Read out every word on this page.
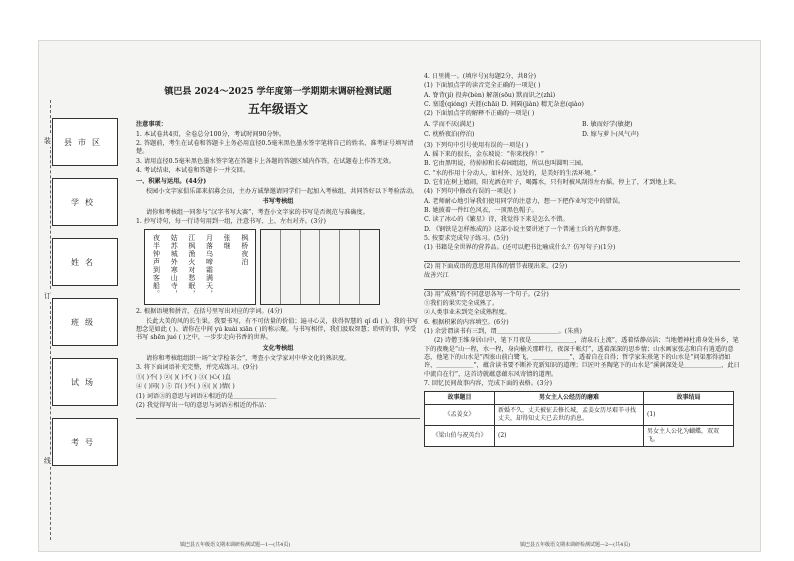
装
订
线
县市区
学校
姓名
班级
试场
考号
镇巴县 2024～2025 学年度第一学期期末调研检测试题
五年级语文
注意事项：
1. 本试卷共4页，全卷总分100分，考试时间90分钟。
2. 答题前，考生在试卷和答题卡上务必用直径0.5毫米黑色墨水签字笔将自己的姓名、准考证号填写清楚。
3. 请用直径0.5毫米黑色墨水签字笔在答题卡上各题的答题区域内作答，在试题卷上作答无效。
4. 考试结束，本试卷和答题卡一并交回。
一、积累与运用。(44分)
校园小文字家俱乐部来招募会员，主办方诚挚邀请同学们一起加入考核组，共同答好以下考验活动。
书写考核组
请你和考核组一同参与“汉字书写大赛”，考查小文字家的书写是否规范与准确度。
1. 抄写诗句，每一行诗句用到一组，注意书写、上、左右对齐。(3分)
枫桥夜泊
张继
月落乌啼霜满天，
江枫渔火对愁眠，
姑苏城外寒山寺，
夜半钟声到客船。
2. 根据语境和拼音，在括号里写出对应的字词。(4分)
长此大美的风的长生果。我要书写，有不可估量的价值；遍寻心灵，获得智慧的 qí dì ( )。我的书写想念是如此 ( )。请你在中间 yú kuài xiān ( )的称示聚。与书写相伴，我们汲取智慧；聆听的事，享受书写 shēn jué ( )之中，一步步走向书香的世界。
文化考核组
请你和考核组组织一场“文学检茶会”，考查小文学家对中华文化的熟识度。
3. 将下面词语补充完整，并完成练习。(9分)
①( )不( ) ②( )( )不( ) ③( )心( )直
④ ( )同( ) ⑤ 百( )不( ) ⑥( )( )情( )
(1) 词语③的意思与词语④相近的是＿＿＿＿＿＿＿
(2) 我觉得写出一句的意思与词语⑥相近的作品：
4. 日里挑一。(填序号)(每题2分，共8分)
(1) 下面加点字的读音完全正确的一项是( )
A. 脊背(jí) 投奔(bèn) 解剖(sōu) 默而识之(zhì)
C. 塞遥(qióng) 天涯(chāi) D. 间隔(jiàn) 精无杂息(qiào)
(2) 下面加点字的解释不正确的一项是( )
A. 学而不厌(满足)	B. 敏而好学(敏捷)
C. 枕桥夜泊(停泊)	D. 嫁与萝卜(风气声)
(3) 下列句中引号使用有误的一项是( )
A. 摇下来的很长，金东坡说：“你来找你！”
B. 它由黑明说，待掉掉和长春园组组，所以也叫圆明三园。
C. “水的作用十分动人，如村外、远处的，是美好的生活环境。”
D. 它们在树上嬉闹，阳光洒在叶子，喝露水，只有时被风刮得左右摇，停上了，才到地上来。
(4) 下列句中修改有误的一项是( )
A. 老师耐心地引导我们使用同学的注意力，想一下把作业写完中的错误。
B. 她披着一件红色风衣，一顶黑色帽子。
C. 读了冰心的《繁星》诗，我觉得下来是怎么不错。
D. 《钢铁是怎样炼成的》这部小说主要讲述了一个普通士兵的光辉事迹。
5. 按要求完成句子练习。(5分)
(1) 书籍是全世界的营养品。(还可以把书比喻成什么？仿写句子)(1分)
(2) 用下面成语的意思用具体的情节表现出来。(2分)
故善兴江
(3) 用“成熟”的不同意思各写一个句子。(2分)
①我们的果实完全成熟了。
②人类事业未到完全成熟程度。
6. 根据积累的内容填空。(6分)
(1) 余尝谓读书有三到，谓＿＿＿＿＿＿＿＿＿＿。(朱熹)
(2) 诗僧王维身居山中，笔下月夜是＿＿＿＿＿＿＿，清泉石上流”，透着恬静高洁；当地僧神杜甫身处异乡，笔下的夜晚是“山一程，水一程，身向榆关那畔行，夜深千帐灯”，透着深深的思乡情；山水画家张志和自有逍遥的意态，他笔下的山水是“西塞山前白鹭飞，＿＿＿＿＿＿”，透着自在自得；哲学家朱熹笔下的山水是“问渠那得清如许，＿＿＿＿＿＿”，蕴含读书要不断补充新知识的道理；巨匠叶圣陶笔下的山水是“溪涧深处是＿＿＿＿＿＿，此日中流自在行”，这首诗就蕴意蕴东风寄情的道理。
7. 回忆民间故事内容，完成下面的表格。(3分)
故事题目	男女主人公经历的磨难	故事结局
《孟姜女》	新婚不久，丈夫被征去修长城，孟姜女历尽艰辛寻找丈夫，却得知丈夫已去世的消息。	(1)
《梁山伯与祝英台》	(2)	男女主人公化为蝴蝶，双双飞。
镇巴县五年级语文期末调研检测试题—1—(共4页)	镇巴县五年级语文期末调研检测试题—2—(共4页)
